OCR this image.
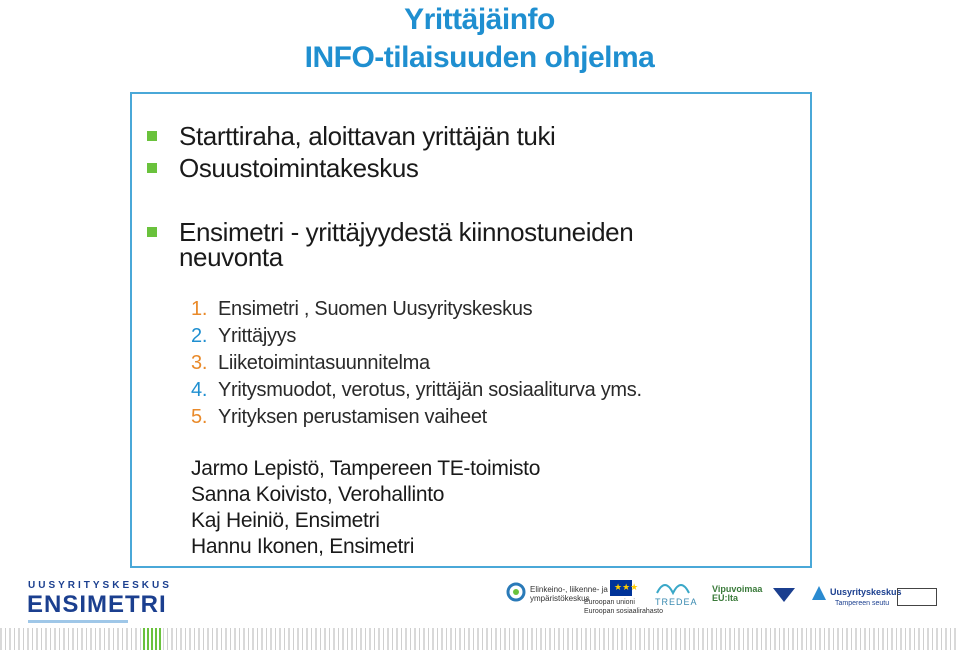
Yrittäjäinfo
INFO-tilaisuuden ohjelma
Starttiraha, aloittavan yrittäjän tuki
Osuustoimintakeskus
Ensimetri - yrittäjyydestä kiinnostuneiden
neuvonta
1. Ensimetri , Suomen Uusyrityskeskus
2. Yrittäjyys
3. Liiketoimintasuunnitelma
4. Yritysmuodot, verotus, yrittäjän sosiaaliturva yms.
5. Yrityksen perustamisen vaiheet
Jarmo Lepistö, Tampereen TE-toimisto
Sanna Koivisto, Verohallinto
Kaj Heiniö, Ensimetri
Hannu Ikonen, Ensimetri
UUSYRITYSKESKUS
ENSIMETRI
Elinkeino-, liikenne- ja
ympäristökeskus
★★★
Euroopan unioni
Euroopan sosiaalirahasto
TREDEA
Vipuvoimaa
EU:lta
Uusyrityskeskus
Tampereen seutu
